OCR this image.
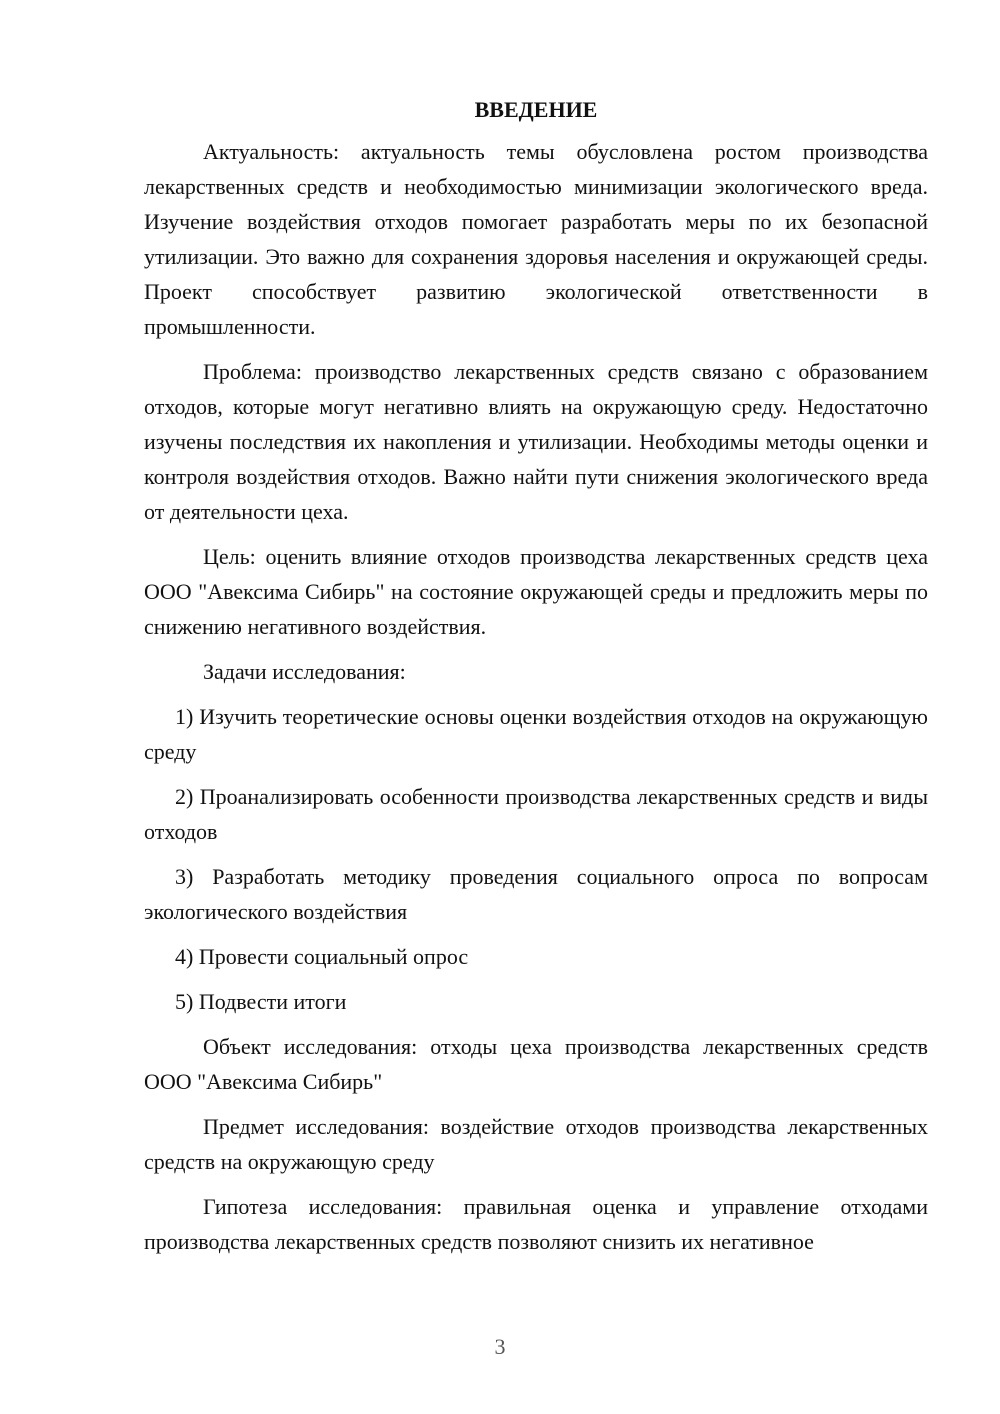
ВВЕДЕНИЕ

Актуальность: актуальность темы обусловлена ростом производства лекарственных средств и необходимостью минимизации экологического вреда. Изучение воздействия отходов помогает разработать меры по их безопасной утилизации. Это важно для сохранения здоровья населения и окружающей среды. Проект способствует развитию экологической ответственности в промышленности.

Проблема: производство лекарственных средств связано с образованием отходов, которые могут негативно влиять на окружающую среду. Недостаточно изучены последствия их накопления и утилизации. Необходимы методы оценки и контроля воздействия отходов. Важно найти пути снижения экологического вреда от деятельности цеха.

Цель: оценить влияние отходов производства лекарственных средств цеха ООО "Авексима Сибирь" на состояние окружающей среды и предложить меры по снижению негативного воздействия.

Задачи исследования:

1) Изучить теоретические основы оценки воздействия отходов на окружающую среду

2) Проанализировать особенности производства лекарственных средств и виды отходов

3) Разработать методику проведения социального опроса по вопросам экологического воздействия

4) Провести социальный опрос

5) Подвести итоги

Объект исследования: отходы цеха производства лекарственных средств ООО "Авексима Сибирь"

Предмет исследования: воздействие отходов производства лекарственных средств на окружающую среду

Гипотеза исследования: правильная оценка и управление отходами производства лекарственных средств позволяют снизить их негативное

3
